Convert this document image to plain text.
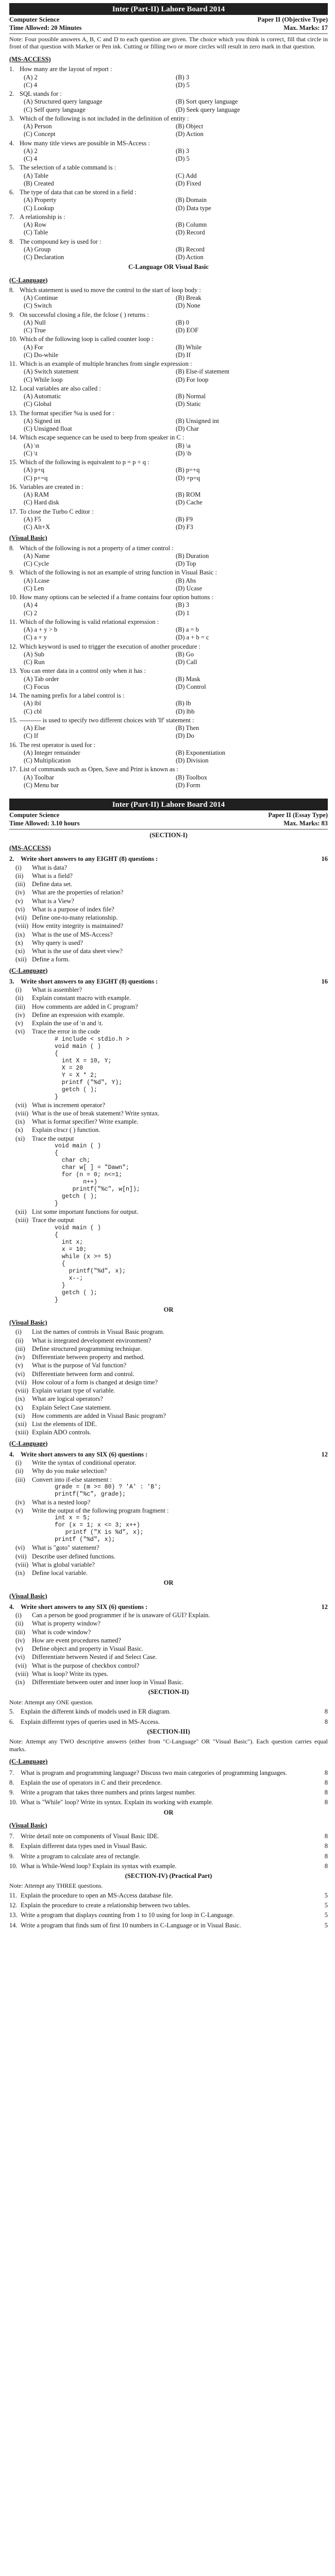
Inter (Part-II) Lahore Board 2014
Computer Science	Paper II (Objective Type)
Time Allowed: 20 Minutes	Max. Marks: 17
Note: Four possible answers A, B, C and D to each question are given. The choice which you think is correct, fill that circle in front of that question with Marker or Pen ink. Cutting or filling two or more circles will result in zero mark in that question.
(MS-ACCESS)
1. How many are the layout of report :
(A) 2	(B) 3
(C) 4	(D) 5
2. SQL stands for :
(A) Structured query language	(B) Sort query language
(C) Self query language	(D) Seek query language
3. Which of the following is not included in the definition of entity :
(A) Person	(B) Object
(C) Concept	(D) Action
4. How many title views are possible in MS-Access :
(A) 2	(B) 3
(C) 4	(D) 5
5. The selection of a table command is :
(A) Table	(C) Add
(B) Created	(D) Fixed
6. The type of data that can be stored in a field :
(A) Property	(B) Domain
(C) Lookup	(D) Data type
7. A relationship is :
(A) Row	(B) Column
(C) Table	(D) Record
8. The compound key is used for :
(A) Group	(B) Record
(C) Declaration	(D) Action
C-Language OR Visual Basic
(C-Language)
8. Which statement is used to move the control to the start of loop body :
(A) Continue	(B) Break
(C) Switch	(D) None
9. On successful closing a file, the fclose ( ) returns :
(A) Null	(B) 0
(C) True	(D) EOF
10. Which of the following loop is called counter loop :
(A) For	(B) While
(C) Do-while	(D) If
11. Which is an example of multiple branches from single expression :
(A) Switch statement	(B) Else-if statement
(C) While loop	(D) For loop
12. Local variables are also called :
(A) Automatic	(B) Normal
(C) Global	(D) Static
13. The format specifier %u is used for :
(A) Signed int	(B) Unsigned int
(C) Unsigned float	(D) Char
14. Which escape sequence can be used to beep from speaker in C :
(A) \n	(B) \a
(C) \t	(D) \b
15. Which of the following is equivalent to p = p + q :
(A) p+q	(B) p=+q
(C) p+=q	(D) +p=q
16. Variables are created in :
(A) RAM	(B) ROM
(C) Hard disk	(D) Cache
17. To close the Turbo C editor :
(A) F5	(B) F9
(C) Alt+X	(D) F3
(Visual Basic)
8. Which of the following is not a property of a timer control :
(A) Name	(B) Duration
(C) Cycle	(D) Top
9. Which of the following is not an example of string function in Visual Basic :
(A) Lcase	(B) Abs
(C) Len	(D) Ucase
10. How many options can be selected if a frame contains four option buttons :
(A) 4	(B) 3
(C) 2	(D) 1
11. Which of the following is valid relational expression :
(A) a + y > b	(B) a = b
(C) a + y	(D) a + b = c
12. Which keyword is used to trigger the execution of another procedure :
(A) Sub	(B) Go
(C) Run	(D) Call
13. You can enter data in a control only when it has :
(A) Tab order	(B) Mask
(C) Focus	(D) Control
14. The naming prefix for a label control is :
(A) lbl	(B) lb
(C) cbl	(D) lbb
15. ---------- is used to specify two different choices with 'If' statement :
(A) Else	(B) Then
(C) If	(D) Do
16. The rest operator is used for :
(A) Integer remainder	(B) Exponentiation
(C) Multiplication	(D) Division
17. List of commands such as Open, Save and Print is known as :
(A) Toolbar	(B) Toolbox
(C) Menu bar	(D) Form
Inter (Part-II) Lahore Board 2014
Computer Science	Paper II (Essay Type)
Time Allowed: 3.10 hours	Max. Marks: 83
(SECTION-I)
(MS-ACCESS)
2.	Write short answers to any EIGHT (8) questions :	16
(i)	What is data?
(ii)	What is a field?
(iii)	Define data set.
(iv)	What are the properties of relation?
(v)	What is a View?
(vi)	What is a purpose of index file?
(vii) Define one-to-many relationship.
(viii) How entity integrity is maintained?
(ix)	What is the use of MS-Access?
(x)	Why query is used?
(xi)	What is the use of data sheet view?
(xii) Define a form.
(C-Language)
3.	Write short answers to any EIGHT (8) questions :	16
(i)	What is assembler?
(ii)	Explain constant macro with example.
(iii)	How comments are added in C program?
(iv)	Define an expression with example.
(v)	Explain the use of \n and \t.
(vi)	Trace the error in the code
# include < stdio.h >
void main ( )
{
int X = 10, Y;
X = 20
Y = X * 2;
printf ("%d", Y);
getch ( );
}
(vii) What is increment operator?
(viii) What is the use of break statement? Write syntax.
(ix)	What is format specifier? Write example.
(x)	Explain clrscr ( ) function.
(xi)	Trace the output
void main ( )
{
char ch;
char w[ ] = "Dawn";
for (n = 0; n<=1;
n++)
printf("%c", w[n]);
getch ( );
}
(xii) List some important functions for output.
(xiii) Trace the output
void main ( )
{
int x;
x = 10;
while (x >= 5)
{
printf("%d", x);
x--;
}
getch ( );
}
OR
(Visual Basic)
(i)	List the names of controls in Visual Basic program.
(ii)	What is integrated development environment?
(iii)	Define structured programming technique.
(iv)	Differentiate between property and method.
(v)	What is the purpose of Val function?
(vi)	Differentiate between form and control.
(vii) How colour of a form is changed at design time?
(viii) Explain variant type of variable.
(ix)	What are logical operators?
(x)	Explain Select Case statement.
(xi)	How comments are added in Visual Basic program?
(xii) List the elements of IDE.
(xiii) Explain ADO controls.
(C-Language)
4.	Write short answers to any SIX (6) questions :	12
(i)	Write the syntax of conditional operator.
(ii)	Why do you make selection?
(iii)	Convert into if-else statement :
grade = (m >= 80) ? 'A' : 'B';
printf("%c", grade);
(iv)	What is a nested loop?
(v)	Write the output of the following program fragment :
int x = 5;
for (x = 1; x <= 3; x++)
printf ("X is %d", x);
printf ("%d", x);
(vi)	What is "goto" statement?
(vii) Describe user defined functions.
(viii) What is global variable?
(ix)	Define local variable.
OR
(Visual Basic)
4.	Write short answers to any SIX (6) questions :	12
(i)	Can a person be good programmer if he is unaware of GUI? Explain.
(ii)	What is property window?
(iii)	What is code window?
(iv)	How are event procedures named?
(v)	Define object and property in Visual Basic.
(vi)	Differentiate between Nested if and Select Case.
(vii) What is the purpose of checkbox control?
(viii) What is loop? Write its types.
(ix)	Differentiate between outer and inner loop in Visual Basic.
(SECTION-II)
Note: Attempt any ONE question.
5.	Explain the different kinds of models used in ER diagram.	8
6.	Explain different types of queries used in MS-Access.	8
(SECTION-III)
Note: Attempt any TWO descriptive answers (either from "C-Language" OR "Visual Basic"). Each question carries equal marks.
(C-Language)
7.	What is program and programming language? Discuss two main categories of programming languages.	8
8.	Explain the use of operators in C and their precedence.	8
9.	Write a program that takes three numbers and prints largest number.	8
10. What is "While" loop? Write its syntax. Explain its working with example.	8
OR
(Visual Basic)
7.	Write detail note on components of Visual Basic IDE.	8
8.	Explain different data types used in Visual Basic.	8
9.	Write a program to calculate area of rectangle.	8
10. What is While-Wend loop? Explain its syntax with example.	8
(SECTION-IV) (Practical Part)
Note: Attempt any THREE questions.
11. Explain the procedure to open an MS-Access database file.	5
12. Explain the procedure to create a relationship between two tables.	5
13. Write a program that displays counting from 1 to 10 using for loop in C-Language.	5
14. Write a program that finds sum of first 10 numbers in C-Language or in Visual Basic.	5
